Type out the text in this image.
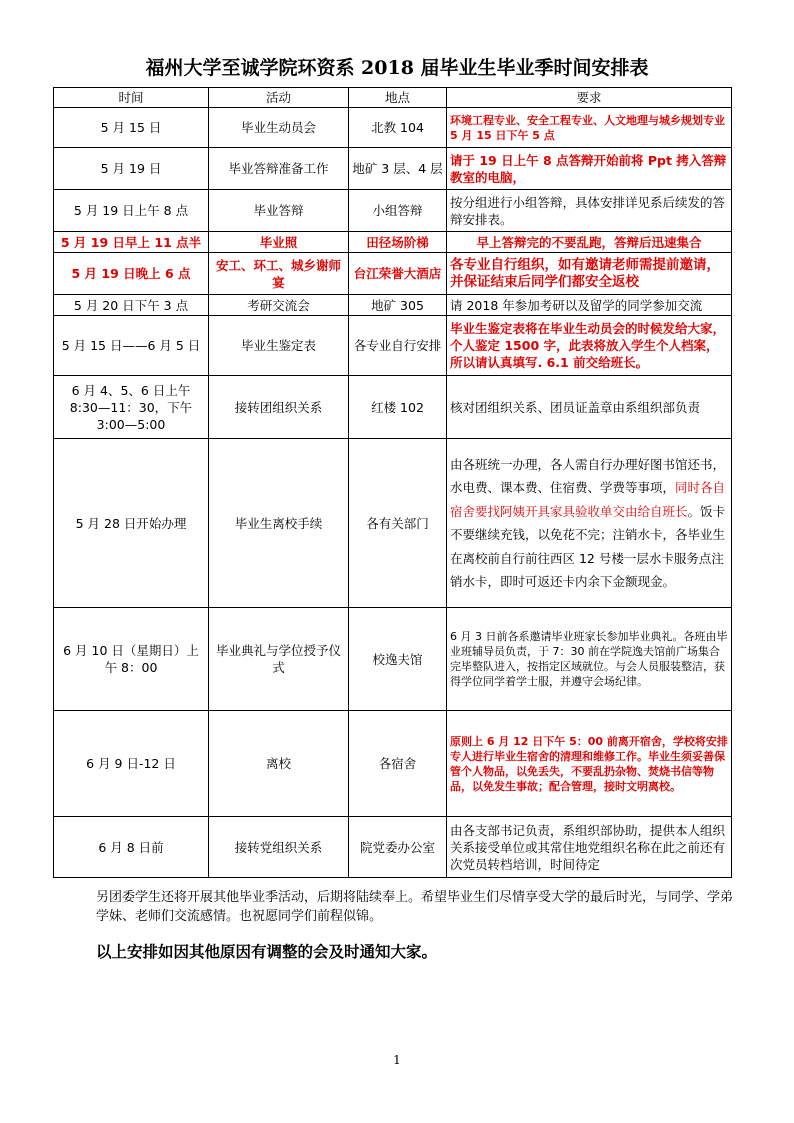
福州大学至诚学院环资系 2018 届毕业生毕业季时间安排表
时间	活动	地点	要求
5 月 15 日	毕业生动员会	北教 104	环境工程专业、安全工程专业、人文地理与城乡规划专业 5 月 15 日下午 5 点
5 月 19 日	毕业答辩准备工作	地矿 3 层、4 层	请于 19 日上午 8 点答辩开始前将 Ppt 拷入答辩教室的电脑，
5 月 19 日上午 8 点	毕业答辩	小组答辩	按分组进行小组答辩，具体安排详见系后续发的答辩安排表。
5 月 19 日早上 11 点半	毕业照	田径场阶梯	早上答辩完的不要乱跑，答辩后迅速集合
5 月 19 日晚上 6 点	安工、环工、城乡谢师宴	台江荣誉大酒店	各专业自行组织，如有邀请老师需提前邀请，并保证结束后同学们都安全返校
5 月 20 日下午 3 点	考研交流会	地矿 305	请 2018 年参加考研以及留学的同学参加交流
5 月 15 日——6 月 5 日	毕业生鉴定表	各专业自行安排	毕业生鉴定表将在毕业生动员会的时候发给大家，个人鉴定 1500 字，此表将放入学生个人档案，所以请认真填写. 6.1 前交给班长。
6 月 4、5、6 日上午 8:30—11：30，下午 3:00—5:00	接转团组织关系	红楼 102	核对团组织关系、团员证盖章由系组织部负责
5 月 28 日开始办理	毕业生离校手续	各有关部门	由各班统一办理，各人需自行办理好图书馆还书，水电费、课本费、住宿费、学费等事项，同时各自宿舍要找阿姨开具家具验收单交由给自班长。饭卡不要继续充钱，以免花不完；注销水卡，各毕业生在离校前自行前往西区 12 号楼一层水卡服务点注销水卡，即时可返还卡内余下金额现金。
6 月 10 日（星期日）上午 8：00	毕业典礼与学位授予仪式	校逸夫馆	6 月 3 日前各系邀请毕业班家长参加毕业典礼。各班由毕业班辅导员负责，于 7：30 前在学院逸夫馆前广场集合完毕整队进入，按指定区域就位。与会人员服装整洁，获得学位同学着学士服，并遵守会场纪律。
6 月 9 日-12 日	离校	各宿舍	原则上 6 月 12 日下午 5：00 前离开宿舍，学校将安排专人进行毕业生宿舍的清理和维修工作。毕业生须妥善保管个人物品，以免丢失，不要乱扔杂物、焚烧书信等物品，以免发生事故；配合管理，接时文明离校。
6 月 8 日前	接转党组织关系	院党委办公室	由各支部书记负责，系组织部协助，提供本人组织关系接受单位或其常住地党组织名称在此之前还有次党员转档培训，时间待定
另团委学生还将开展其他毕业季活动，后期将陆续奉上。希望毕业生们尽情享受大学的最后时光，与同学、学弟学妹、老师们交流感情。也祝愿同学们前程似锦。
以上安排如因其他原因有调整的会及时通知大家。
1
